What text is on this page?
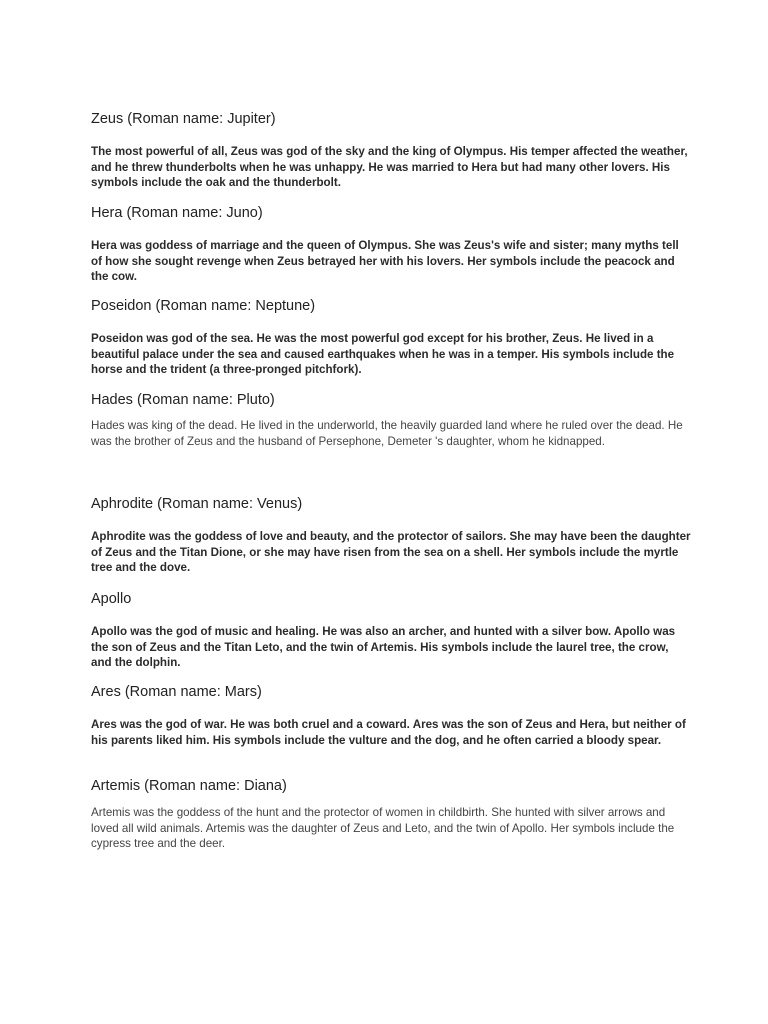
Zeus (Roman name: Jupiter)

The most powerful of all, Zeus was god of the sky and the king of Olympus. His temper affected the weather, and he threw thunderbolts when he was unhappy. He was married to Hera but had many other lovers. His symbols include the oak and the thunderbolt.

Hera (Roman name: Juno)

Hera was goddess of marriage and the queen of Olympus. She was Zeus's wife and sister; many myths tell of how she sought revenge when Zeus betrayed her with his lovers. Her symbols include the peacock and the cow.

Poseidon (Roman name: Neptune)

Poseidon was god of the sea. He was the most powerful god except for his brother, Zeus. He lived in a beautiful palace under the sea and caused earthquakes when he was in a temper. His symbols include the horse and the trident (a three-pronged pitchfork).

Hades (Roman name: Pluto)

Hades was king of the dead. He lived in the underworld, the heavily guarded land where he ruled over the dead. He was the brother of Zeus and the husband of Persephone, Demeter 's daughter, whom he kidnapped.

Aphrodite (Roman name: Venus)

Aphrodite was the goddess of love and beauty, and the protector of sailors. She may have been the daughter of Zeus and the Titan Dione, or she may have risen from the sea on a shell. Her symbols include the myrtle tree and the dove.

Apollo

Apollo was the god of music and healing. He was also an archer, and hunted with a silver bow. Apollo was the son of Zeus and the Titan Leto, and the twin of Artemis. His symbols include the laurel tree, the crow, and the dolphin.

Ares (Roman name: Mars)

Ares was the god of war. He was both cruel and a coward. Ares was the son of Zeus and Hera, but neither of his parents liked him. His symbols include the vulture and the dog, and he often carried a bloody spear.

Artemis (Roman name: Diana)

Artemis was the goddess of the hunt and the protector of women in childbirth. She hunted with silver arrows and loved all wild animals. Artemis was the daughter of Zeus and Leto, and the twin of Apollo. Her symbols include the cypress tree and the deer.
